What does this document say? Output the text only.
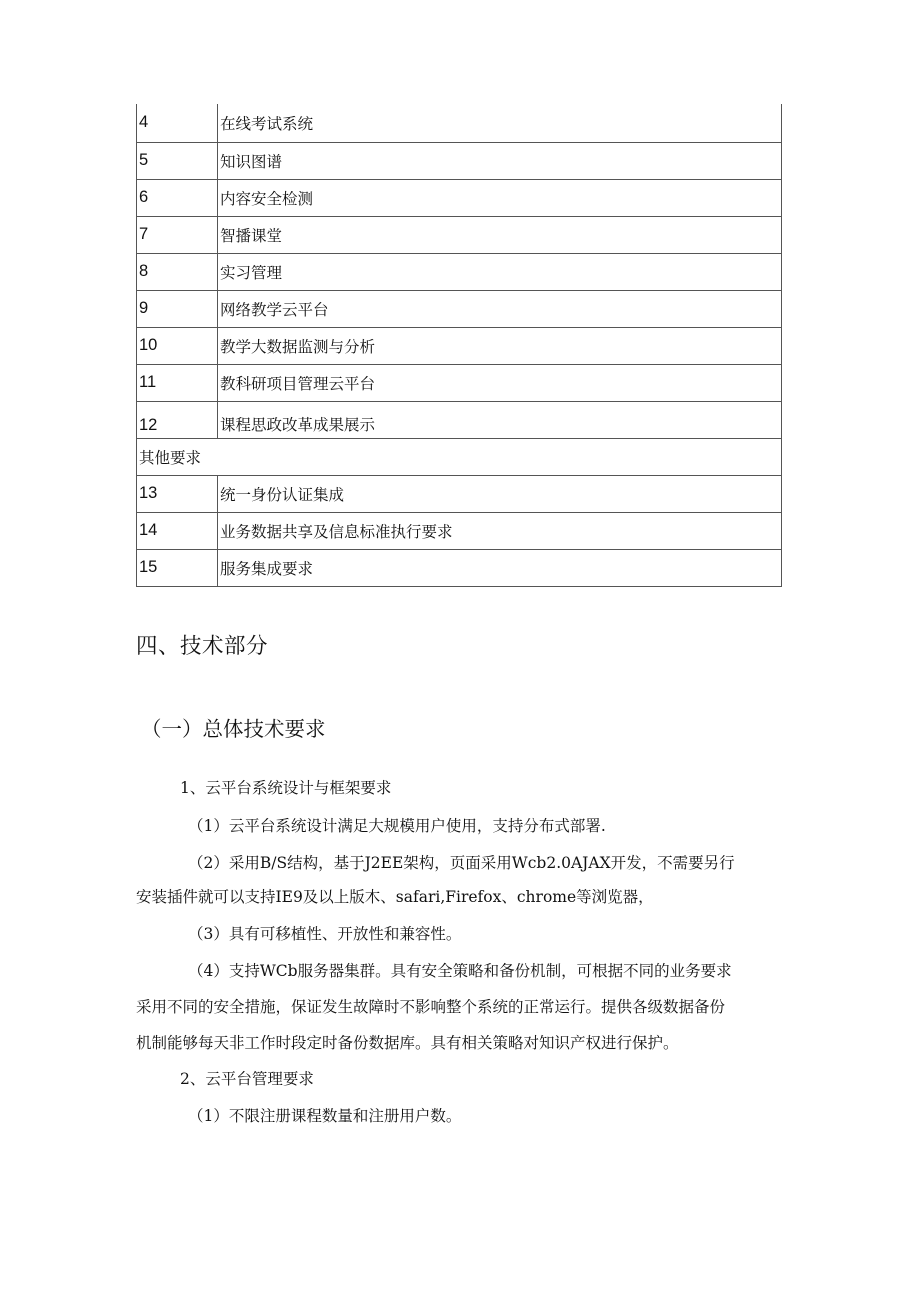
4	在线考试系统
5	知识图谱
6	内容安全检测
7	智播课堂
8	实习管理
9	网络教学云平台
10	教学大数据监测与分析
11	教科研项目管理云平台
12	课程思政改革成果展示
其他要求	
13	统一身份认证集成
14	业务数据共享及信息标准执行要求
15	服务集成要求
四、技术部分
（一）总体技术要求

1、云平台系统设计与框架要求

（1）云平台系统设计满足大规模用户使用，支持分布式部署.

（2）采用B/S结构，基于J2EE架构，页面采用Wcb2.0AJAX开发，不需要另行

安装插件就可以支持IE9及以上版木、safari,Firefox、chrome等浏览器，

（3）具有可移植性、开放性和兼容性。

（4）支持WCb服务器集群。具有安全策略和备份机制，可根据不同的业务要求

采用不同的安全措施，保证发生故障时不影响整个系统的正常运行。提供各级数据备份

机制能够每天非工作时段定时备份数据库。具有相关策略对知识产权进行保护。

2、云平台管理要求

（1）不限注册课程数量和注册用户数。
